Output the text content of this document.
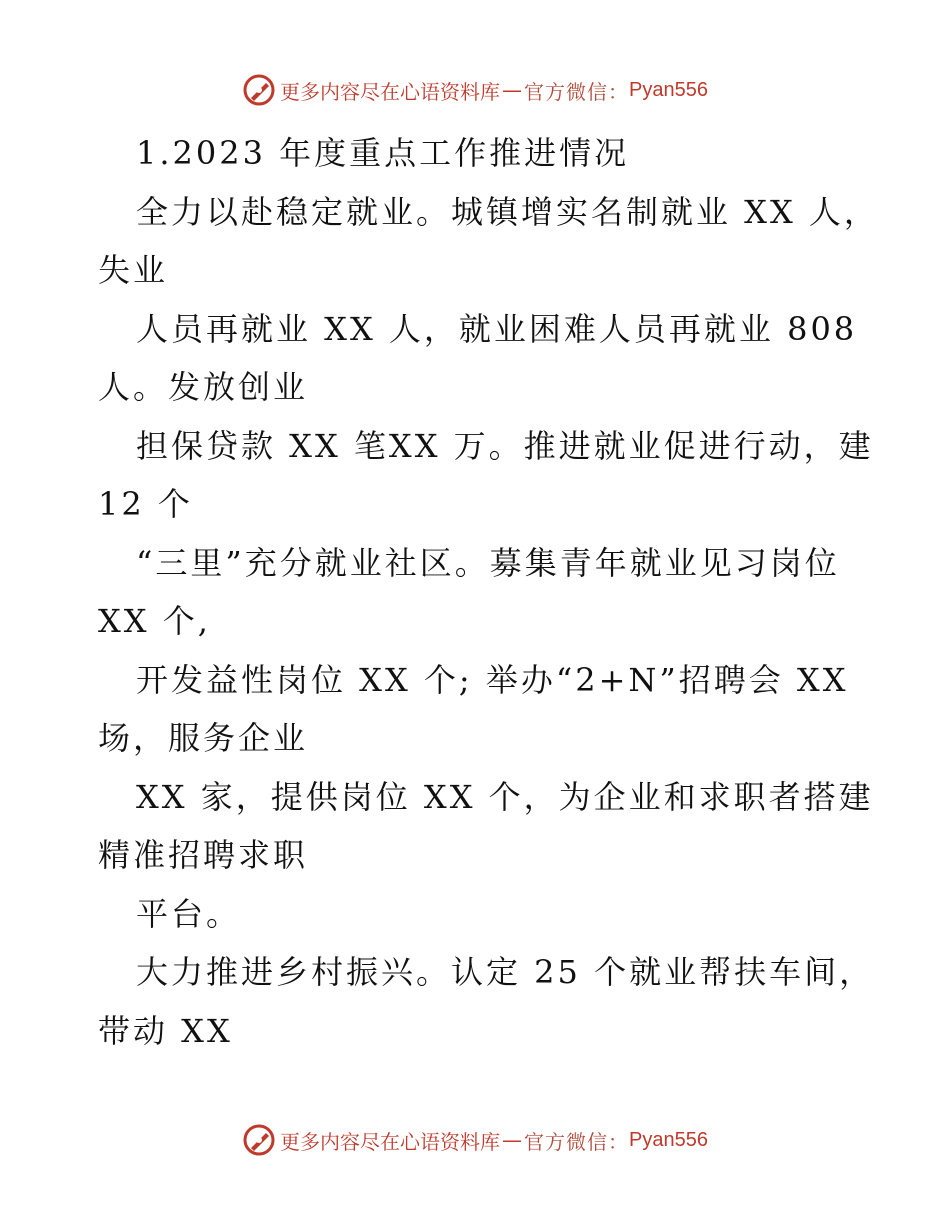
更多内容尽在心语资料库 — 官方微信： Pyan556
1.2023 年度重点工作推进情况
全力以赴稳定就业。城镇增实名制就业 XX 人，
失业
人员再就业 XX 人，就业困难人员再就业 808
人。发放创业
担保贷款 XX 笔XX 万。推进就业促进行动，建
12 个
“三里”充分就业社区。募集青年就业见习岗位
XX 个,
开发益性岗位 XX 个; 举办“2+N”招聘会 XX
场，服务企业
XX 家，提供岗位 XX 个，为企业和求职者搭建
精准招聘求职
平台。
大力推进乡村振兴。认定 25 个就业帮扶车间，
带动 XX
更多内容尽在心语资料库 — 官方微信： Pyan556
